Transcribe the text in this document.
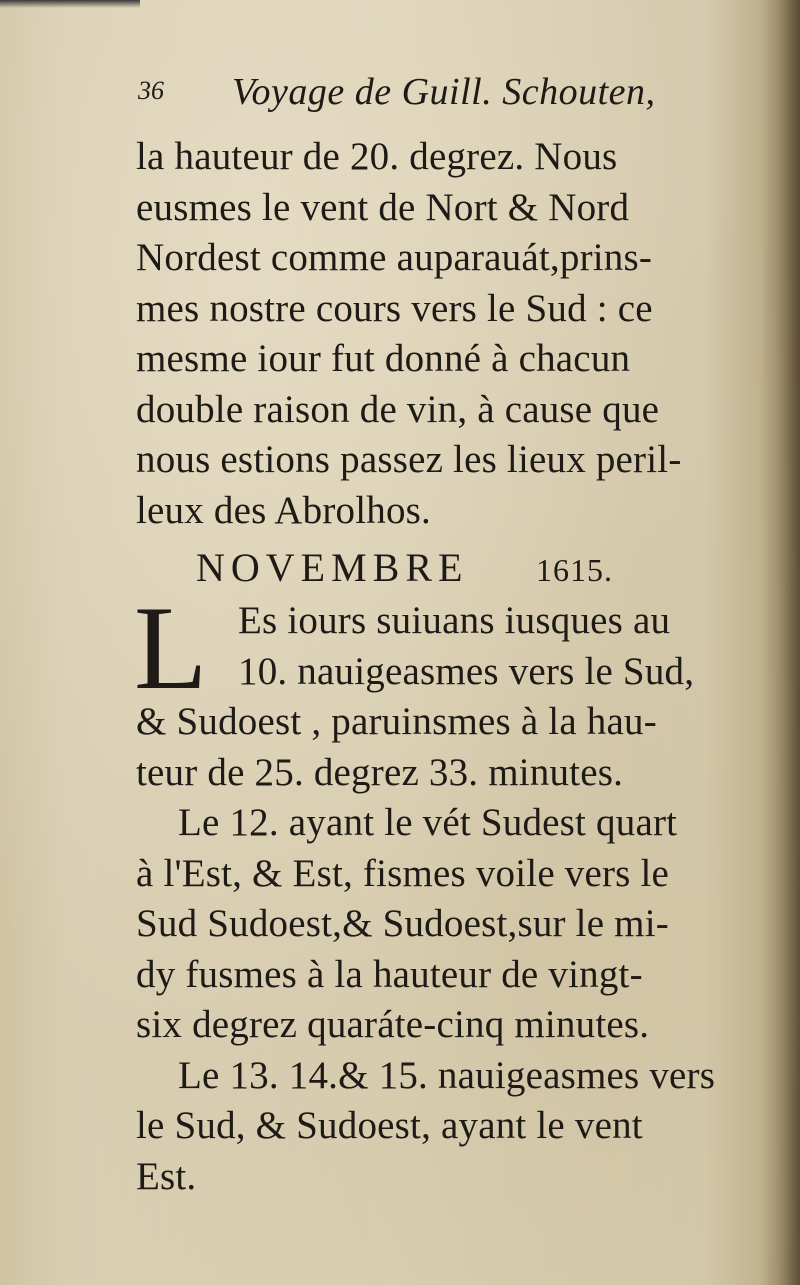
36 Voyage de Guill. Schouten,
la hauteur de 20. degrez. Nous
eusmes le vent de Nort & Nord
Nordest comme auparauát,prins-
mes nostre cours vers le Sud : ce
mesme iour fut donné à chacun
double raison de vin, à cause que
nous estions passez les lieux peril-
leux des Abrolhos.
NOVEMBRE 1615.
L Es iours suiuans iusques au
10. nauigeasmes vers le Sud,
& Sudoest , paruinsmes à la hau-
teur de 25. degrez 33. minutes.
Le 12. ayant le vét Sudest quart
à l'Est, & Est, fismes voile vers le
Sud Sudoest,& Sudoest,sur le mi-
dy fusmes à la hauteur de vingt-
six degrez quaráte-cinq minutes.
Le 13. 14.& 15. nauigeasmes vers
le Sud, & Sudoest, ayant le vent
Est.
